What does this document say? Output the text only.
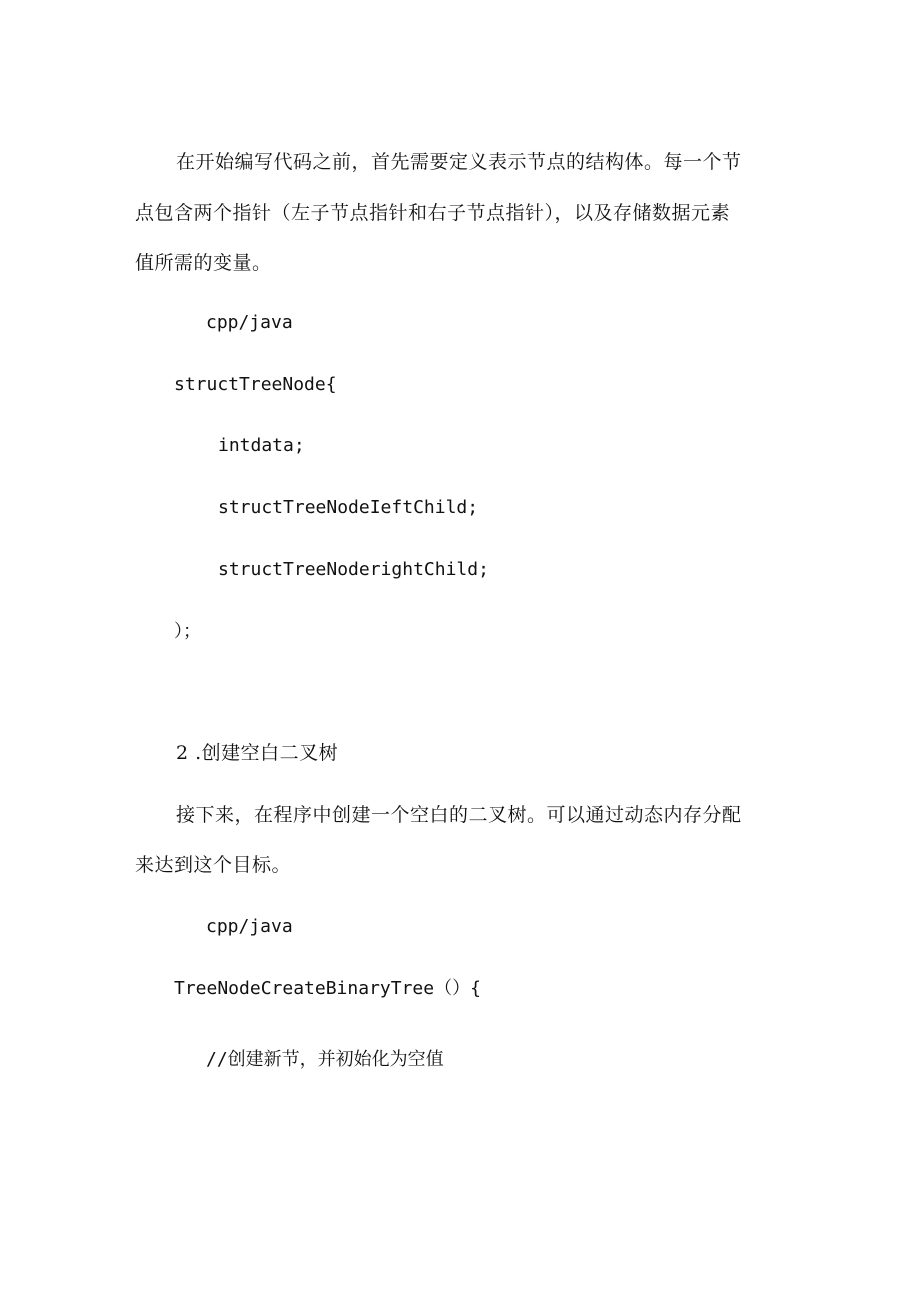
在开始编写代码之前，首先需要定义表示节点的结构体。每一个节
点包含两个指针（左子节点指针和右子节点指针），以及存储数据元素
值所需的变量。
cpp/java
structTreeNode{
intdata;
structTreeNodeIeftChild;
structTreeNoderightChild;
）；
2 .创建空白二叉树
接下来，在程序中创建一个空白的二叉树。可以通过动态内存分配
来达到这个目标。
cpp/java
TreeNodeCreateBinaryTree（）{
//创建新节，并初始化为空值
